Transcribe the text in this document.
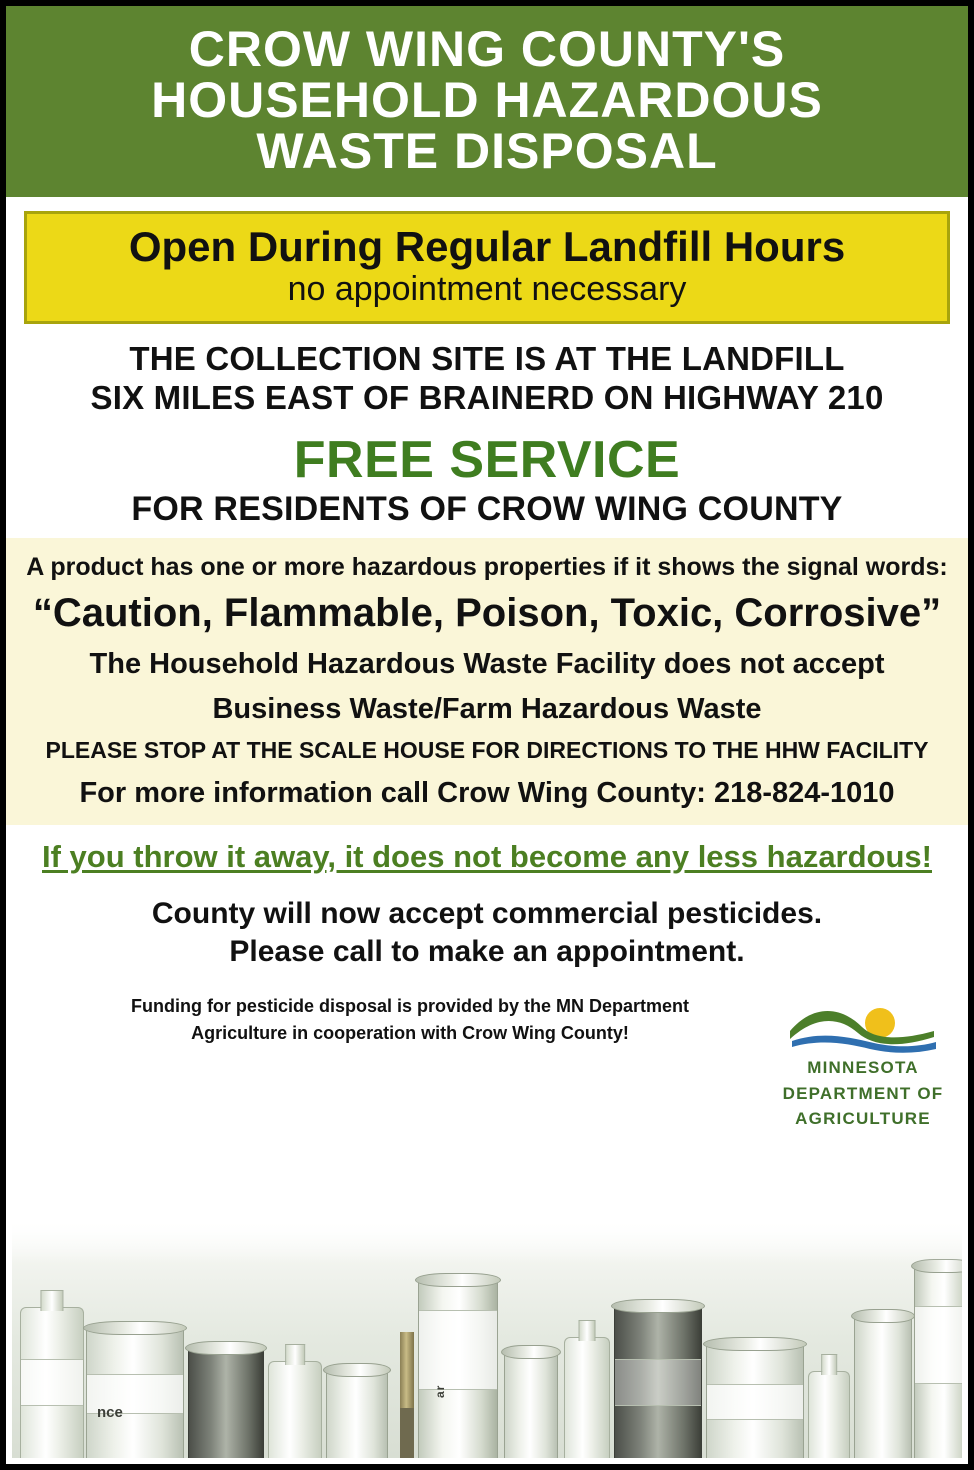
CROW WING COUNTY'S
HOUSEHOLD HAZARDOUS
WASTE DISPOSAL
Open During Regular Landfill Hours
no appointment necessary
THE COLLECTION SITE IS AT THE LANDFILL
SIX MILES EAST OF BRAINERD ON HIGHWAY 210
FREE SERVICE
FOR RESIDENTS OF CROW WING COUNTY
A product has one or more hazardous properties if it shows the signal words:
“Caution, Flammable, Poison, Toxic, Corrosive”
The Household Hazardous Waste Facility does not accept
Business Waste/Farm Hazardous Waste
PLEASE STOP AT THE SCALE HOUSE FOR DIRECTIONS TO THE HHW FACILITY
For more information call Crow Wing County: 218-824-1010
If you throw it away, it does not become any less hazardous!
County will now accept commercial pesticides.
Please call to make an appointment.
Funding for pesticide disposal is provided by the MN Department
Agriculture in cooperation with Crow Wing County!
MINNESOTA
DEPARTMENT OF
AGRICULTURE
nce
ar
